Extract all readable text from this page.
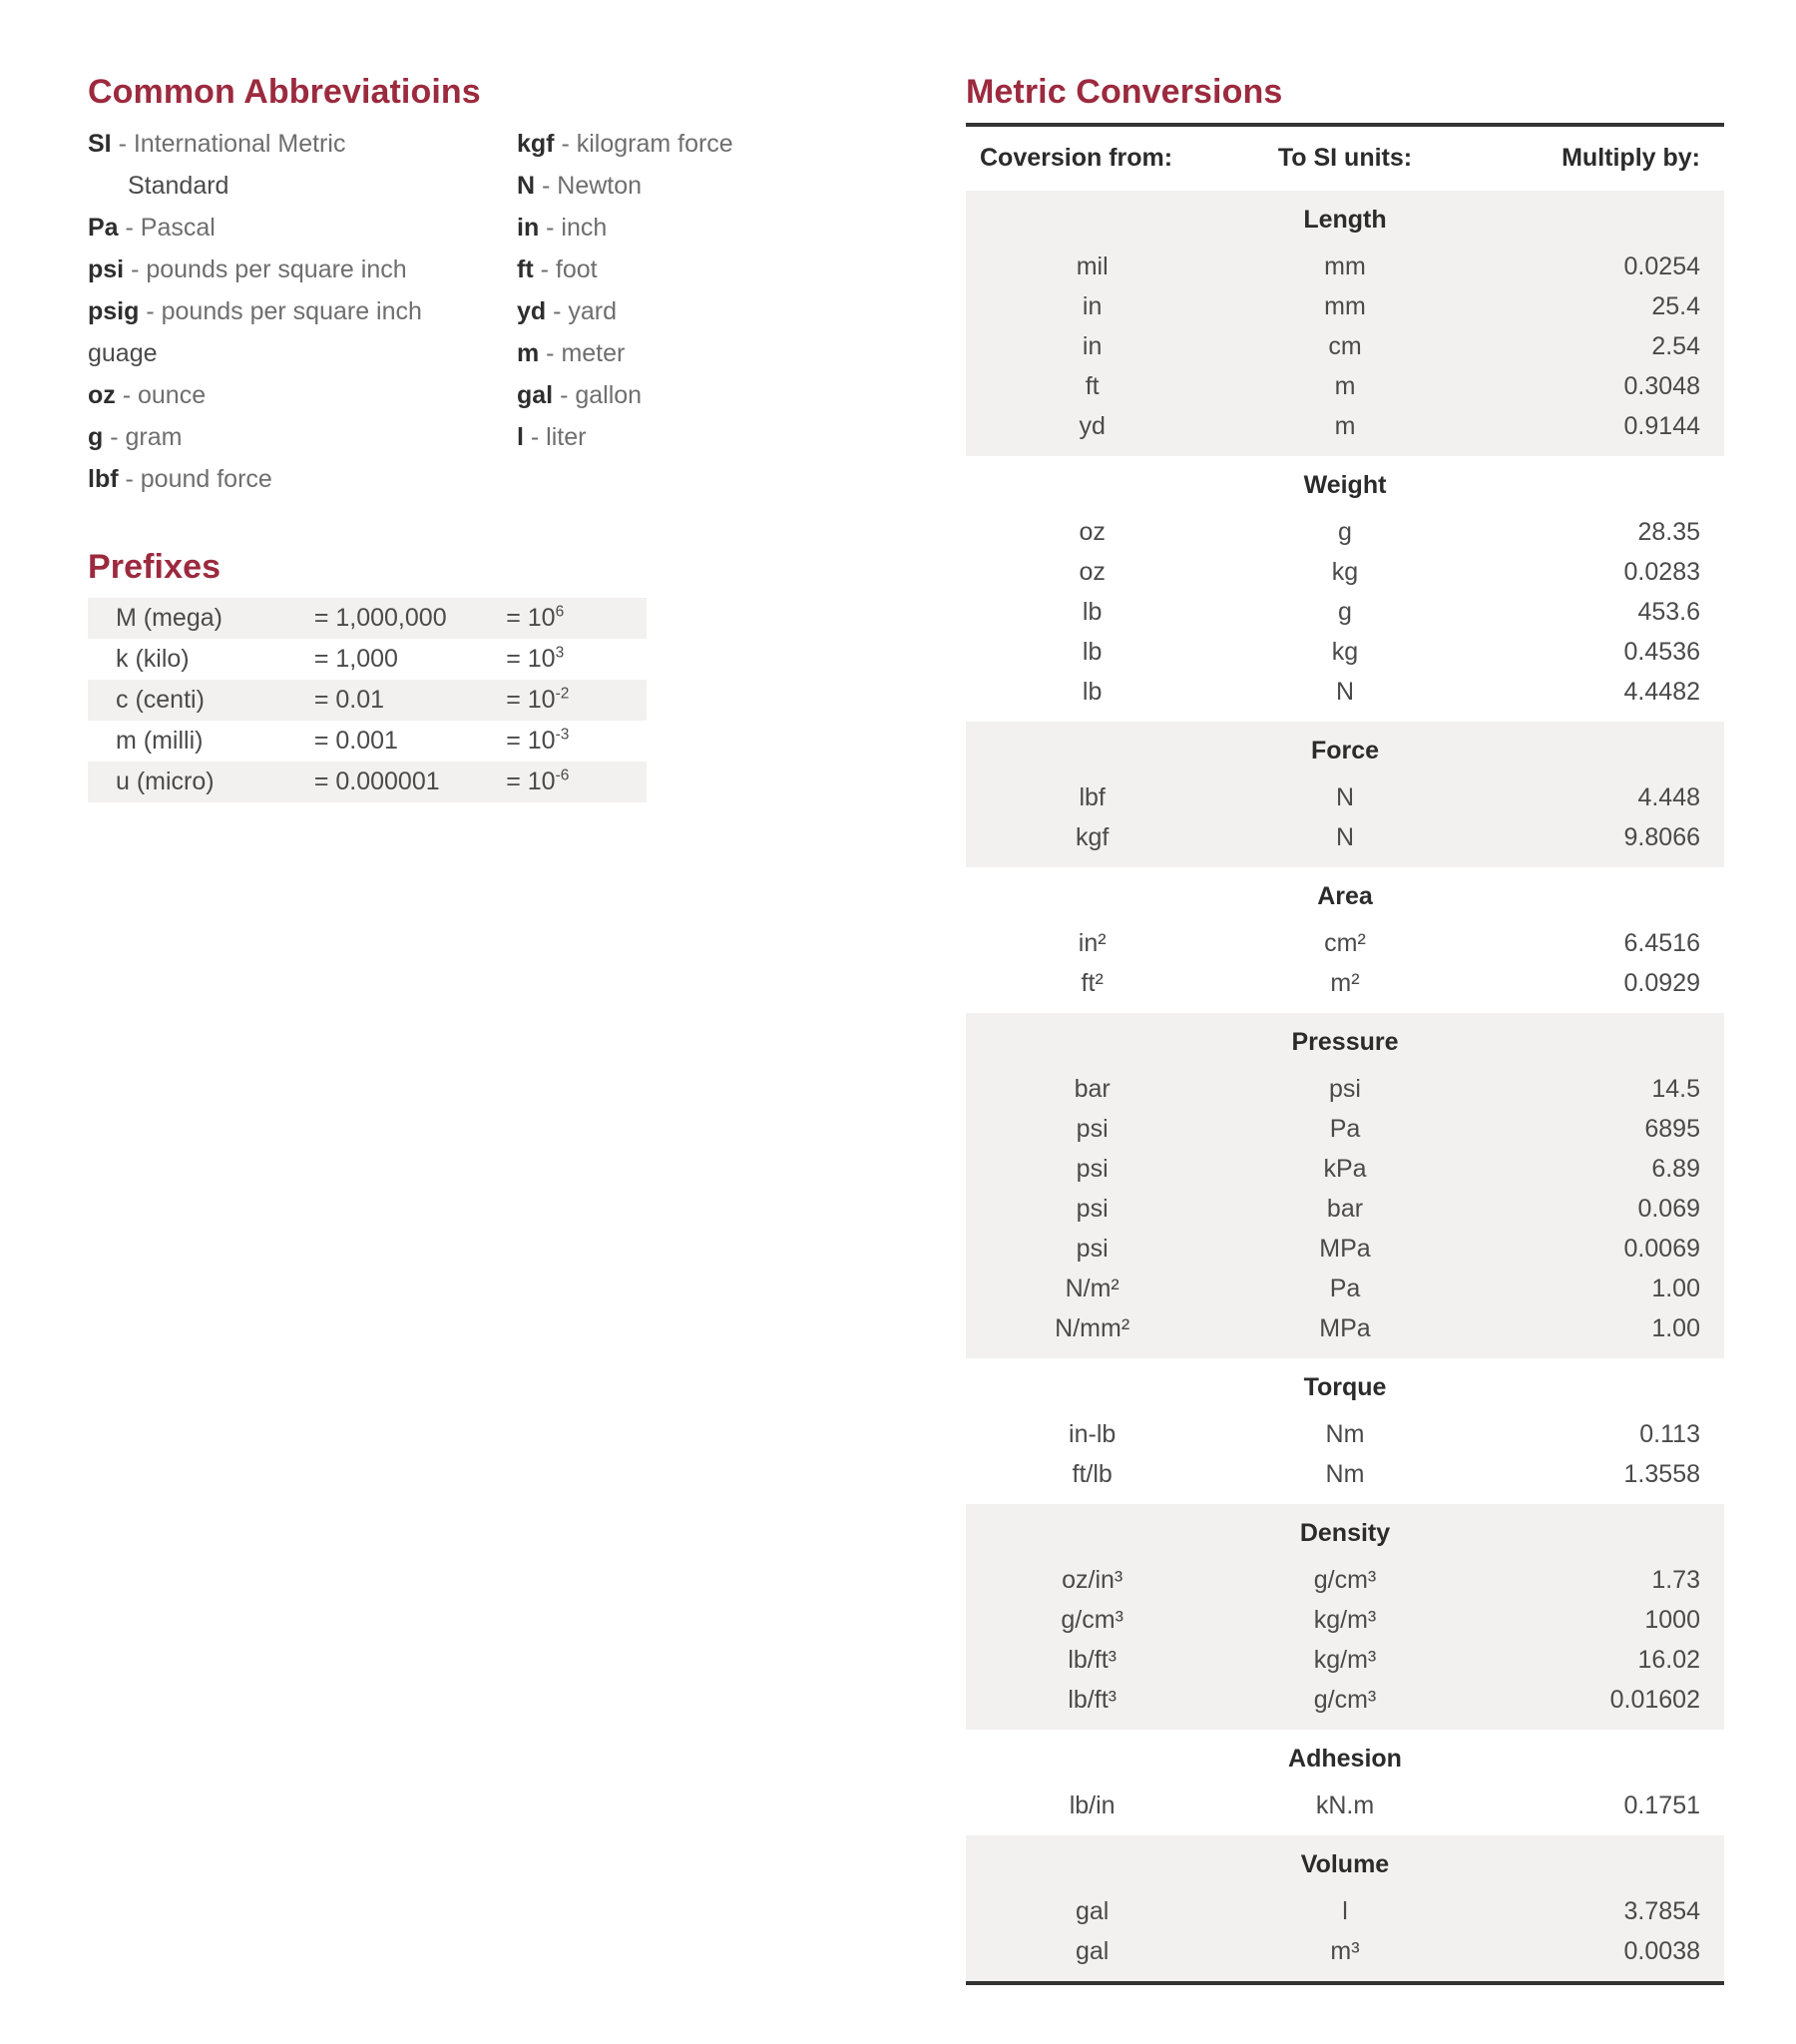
Common Abbreviatioins
SI - International Metric
Standard
Pa - Pascal
psi - pounds per square inch
psig - pounds per square inch
guage
oz - ounce
g - gram
lbf - pound force
kgf - kilogram force
N - Newton
in - inch
ft - foot
yd - yard
m - meter
gal - gallon
l - liter
Prefixes
M (mega)	= 1,000,000	= $10^6$
k (kilo)	= 1,000	= $10^3$
c (centi)	= 0.01	= $10^{-2}$
m (milli)	= 0.001	= $10^{-3}$
u (micro)	= 0.000001	= $10^{-6}$
Metric Conversions

Coversion from:	To SI units:	Multiply by:
Length		
mil	mm	0.0254
in	mm	25.4
in	cm	2.54
ft	m	0.3048
yd	m	0.9144

Weight		
oz	g	28.35
oz	kg	0.0283
lb	g	453.6
lb	kg	0.4536
lb	N	4.4482

Force		
lbf	N	4.448
kgf	N	9.8066

Area		
in²	cm²	6.4516
ft²	m²	0.0929

Pressure		
bar	psi	14.5
psi	Pa	6895
psi	kPa	6.89
psi	bar	0.069
psi	MPa	0.0069
N/m²	Pa	1.00
N/mm²	MPa	1.00

Torque		
in-lb	Nm	0.113
ft/lb	Nm	1.3558

Density		
oz/in³	g/cm³	1.73
g/cm³	kg/m³	1000
lb/ft³	kg/m³	16.02
lb/ft³	g/cm³	0.01602

Adhesion		
lb/in	kN.m	0.1751

Volume		
gal	l	3.7854
gal	m³	0.0038
